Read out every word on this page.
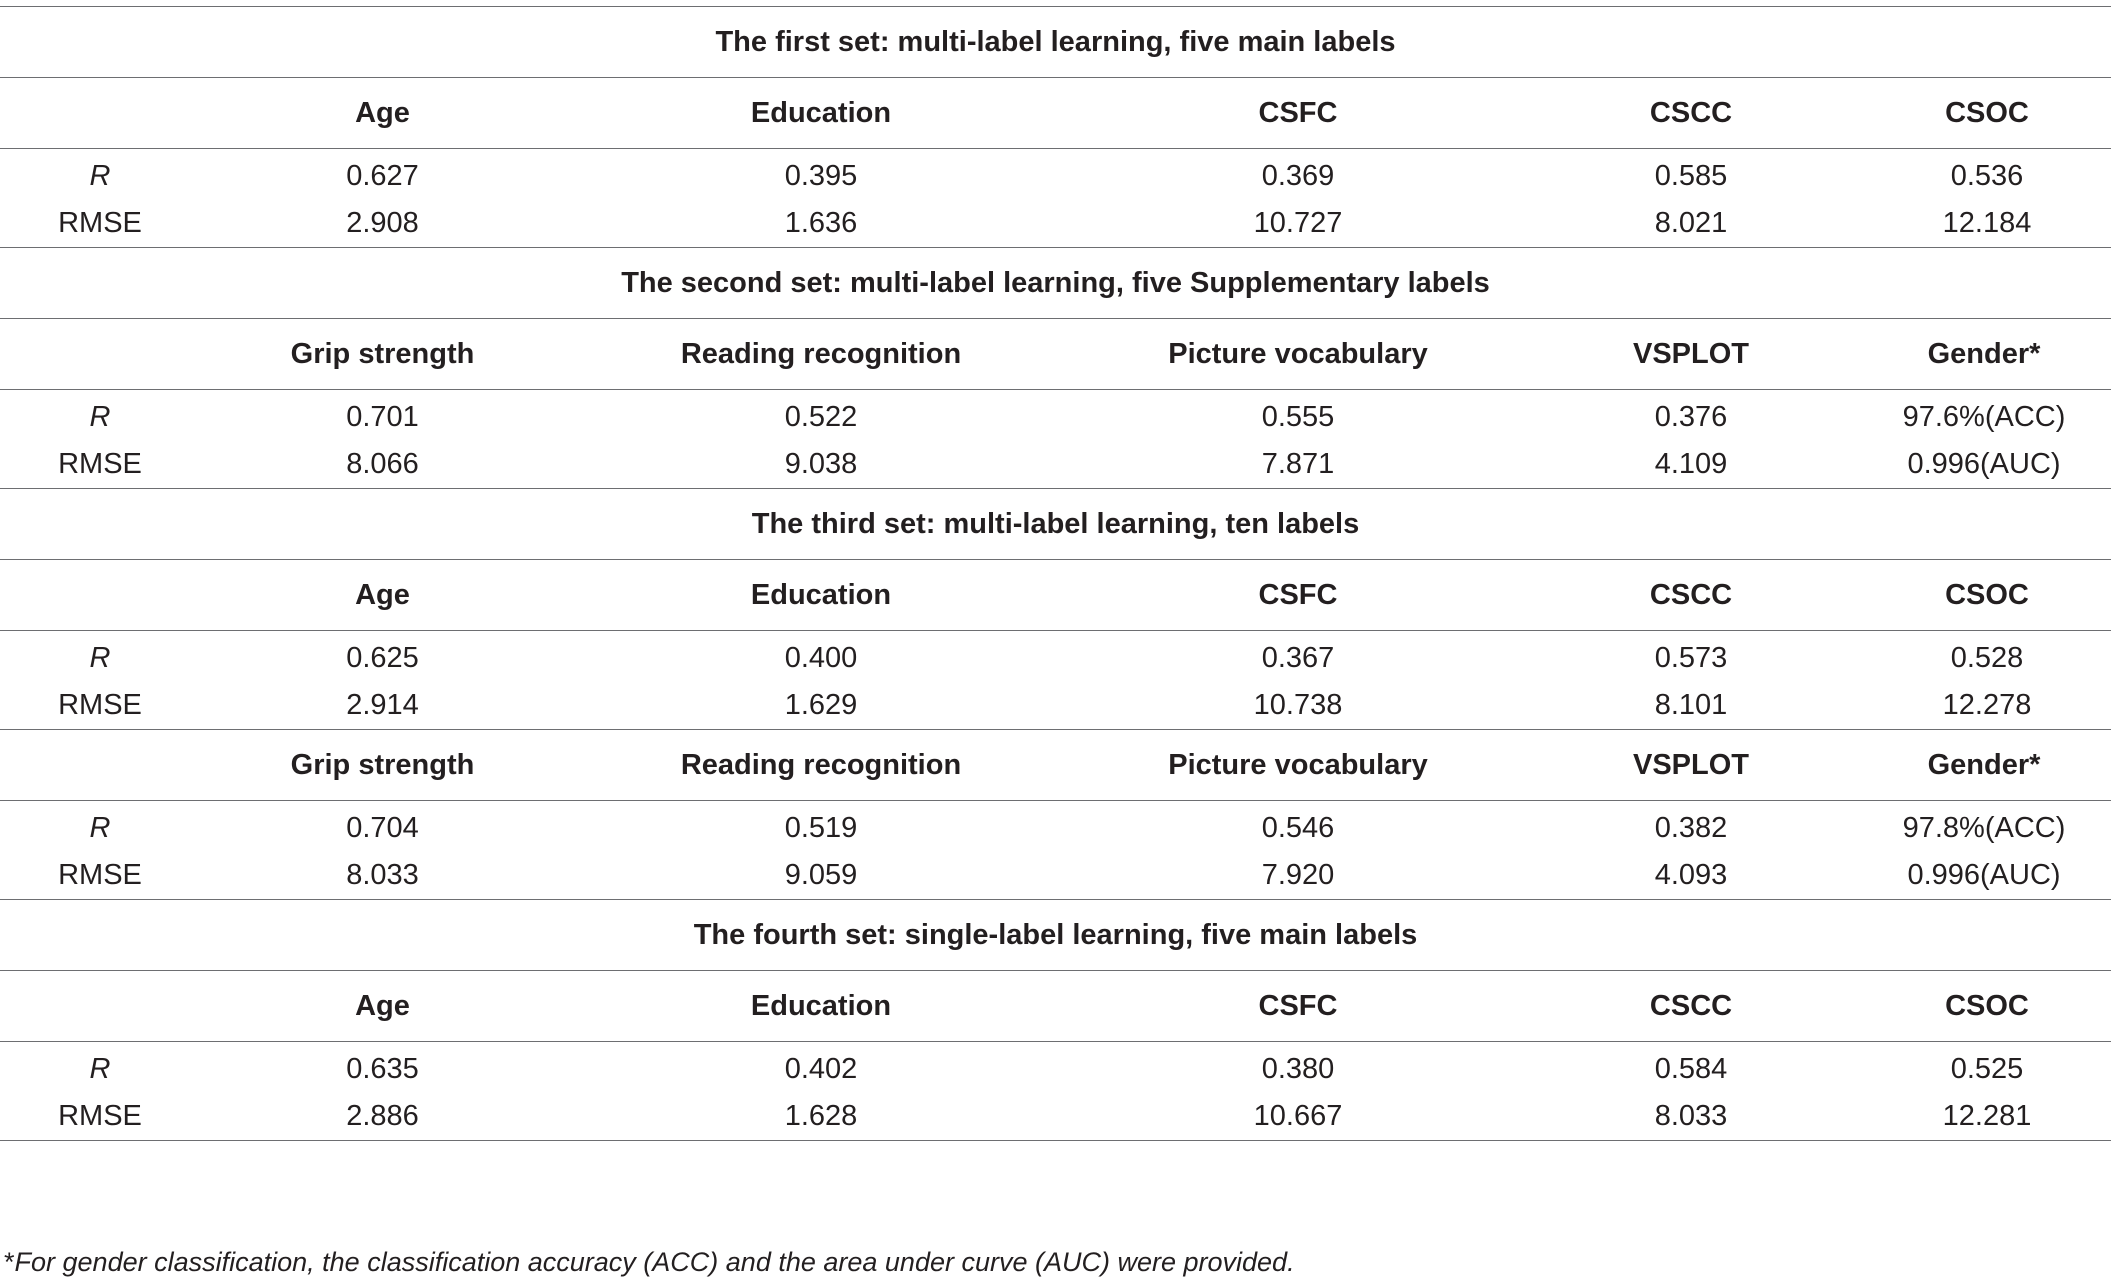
The first set: multi-label learning, five main labels					
	Age	Education	CSFC	CSCC	CSOC
R	0.627	0.395	0.369	0.585	0.536
RMSE	2.908	1.636	10.727	8.021	12.184
The second set: multi-label learning, five Supplementary labels					
	Grip strength	Reading recognition	Picture vocabulary	VSPLOT	Gender*
R	0.701	0.522	0.555	0.376	97.6%(ACC)
RMSE	8.066	9.038	7.871	4.109	0.996(AUC)
The third set: multi-label learning, ten labels					
	Age	Education	CSFC	CSCC	CSOC
R	0.625	0.400	0.367	0.573	0.528
RMSE	2.914	1.629	10.738	8.101	12.278
	Grip strength	Reading recognition	Picture vocabulary	VSPLOT	Gender*
R	0.704	0.519	0.546	0.382	97.8%(ACC)
RMSE	8.033	9.059	7.920	4.093	0.996(AUC)
The fourth set: single-label learning, five main labels					
	Age	Education	CSFC	CSCC	CSOC
R	0.635	0.402	0.380	0.584	0.525
RMSE	2.886	1.628	10.667	8.033	12.281
*For gender classification, the classification accuracy (ACC) and the area under curve (AUC) were provided.
